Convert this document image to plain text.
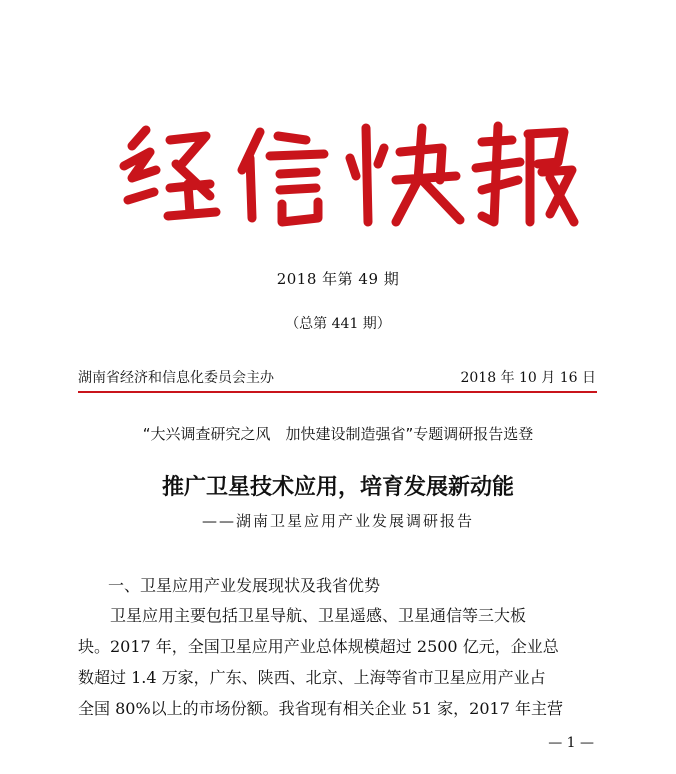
2018 年第 49 期
（总第 441 期）
湖南省经济和信息化委员会主办	2018 年 10 月 16 日
“大兴调查研究之风　加快建设制造强省”专题调研报告选登
推广卫星技术应用，培育发展新动能
——湖南卫星应用产业发展调研报告
一、卫星应用产业发展现状及我省优势

　　卫星应用主要包括卫星导航、卫星遥感、卫星通信等三大板

块。2017 年，全国卫星应用产业总体规模超过 2500 亿元，企业总

数超过 1.4 万家，广东、陕西、北京、上海等省市卫星应用产业占

全国 80%以上的市场份额。我省现有相关企业 51 家，2017 年主营

— 1 —
